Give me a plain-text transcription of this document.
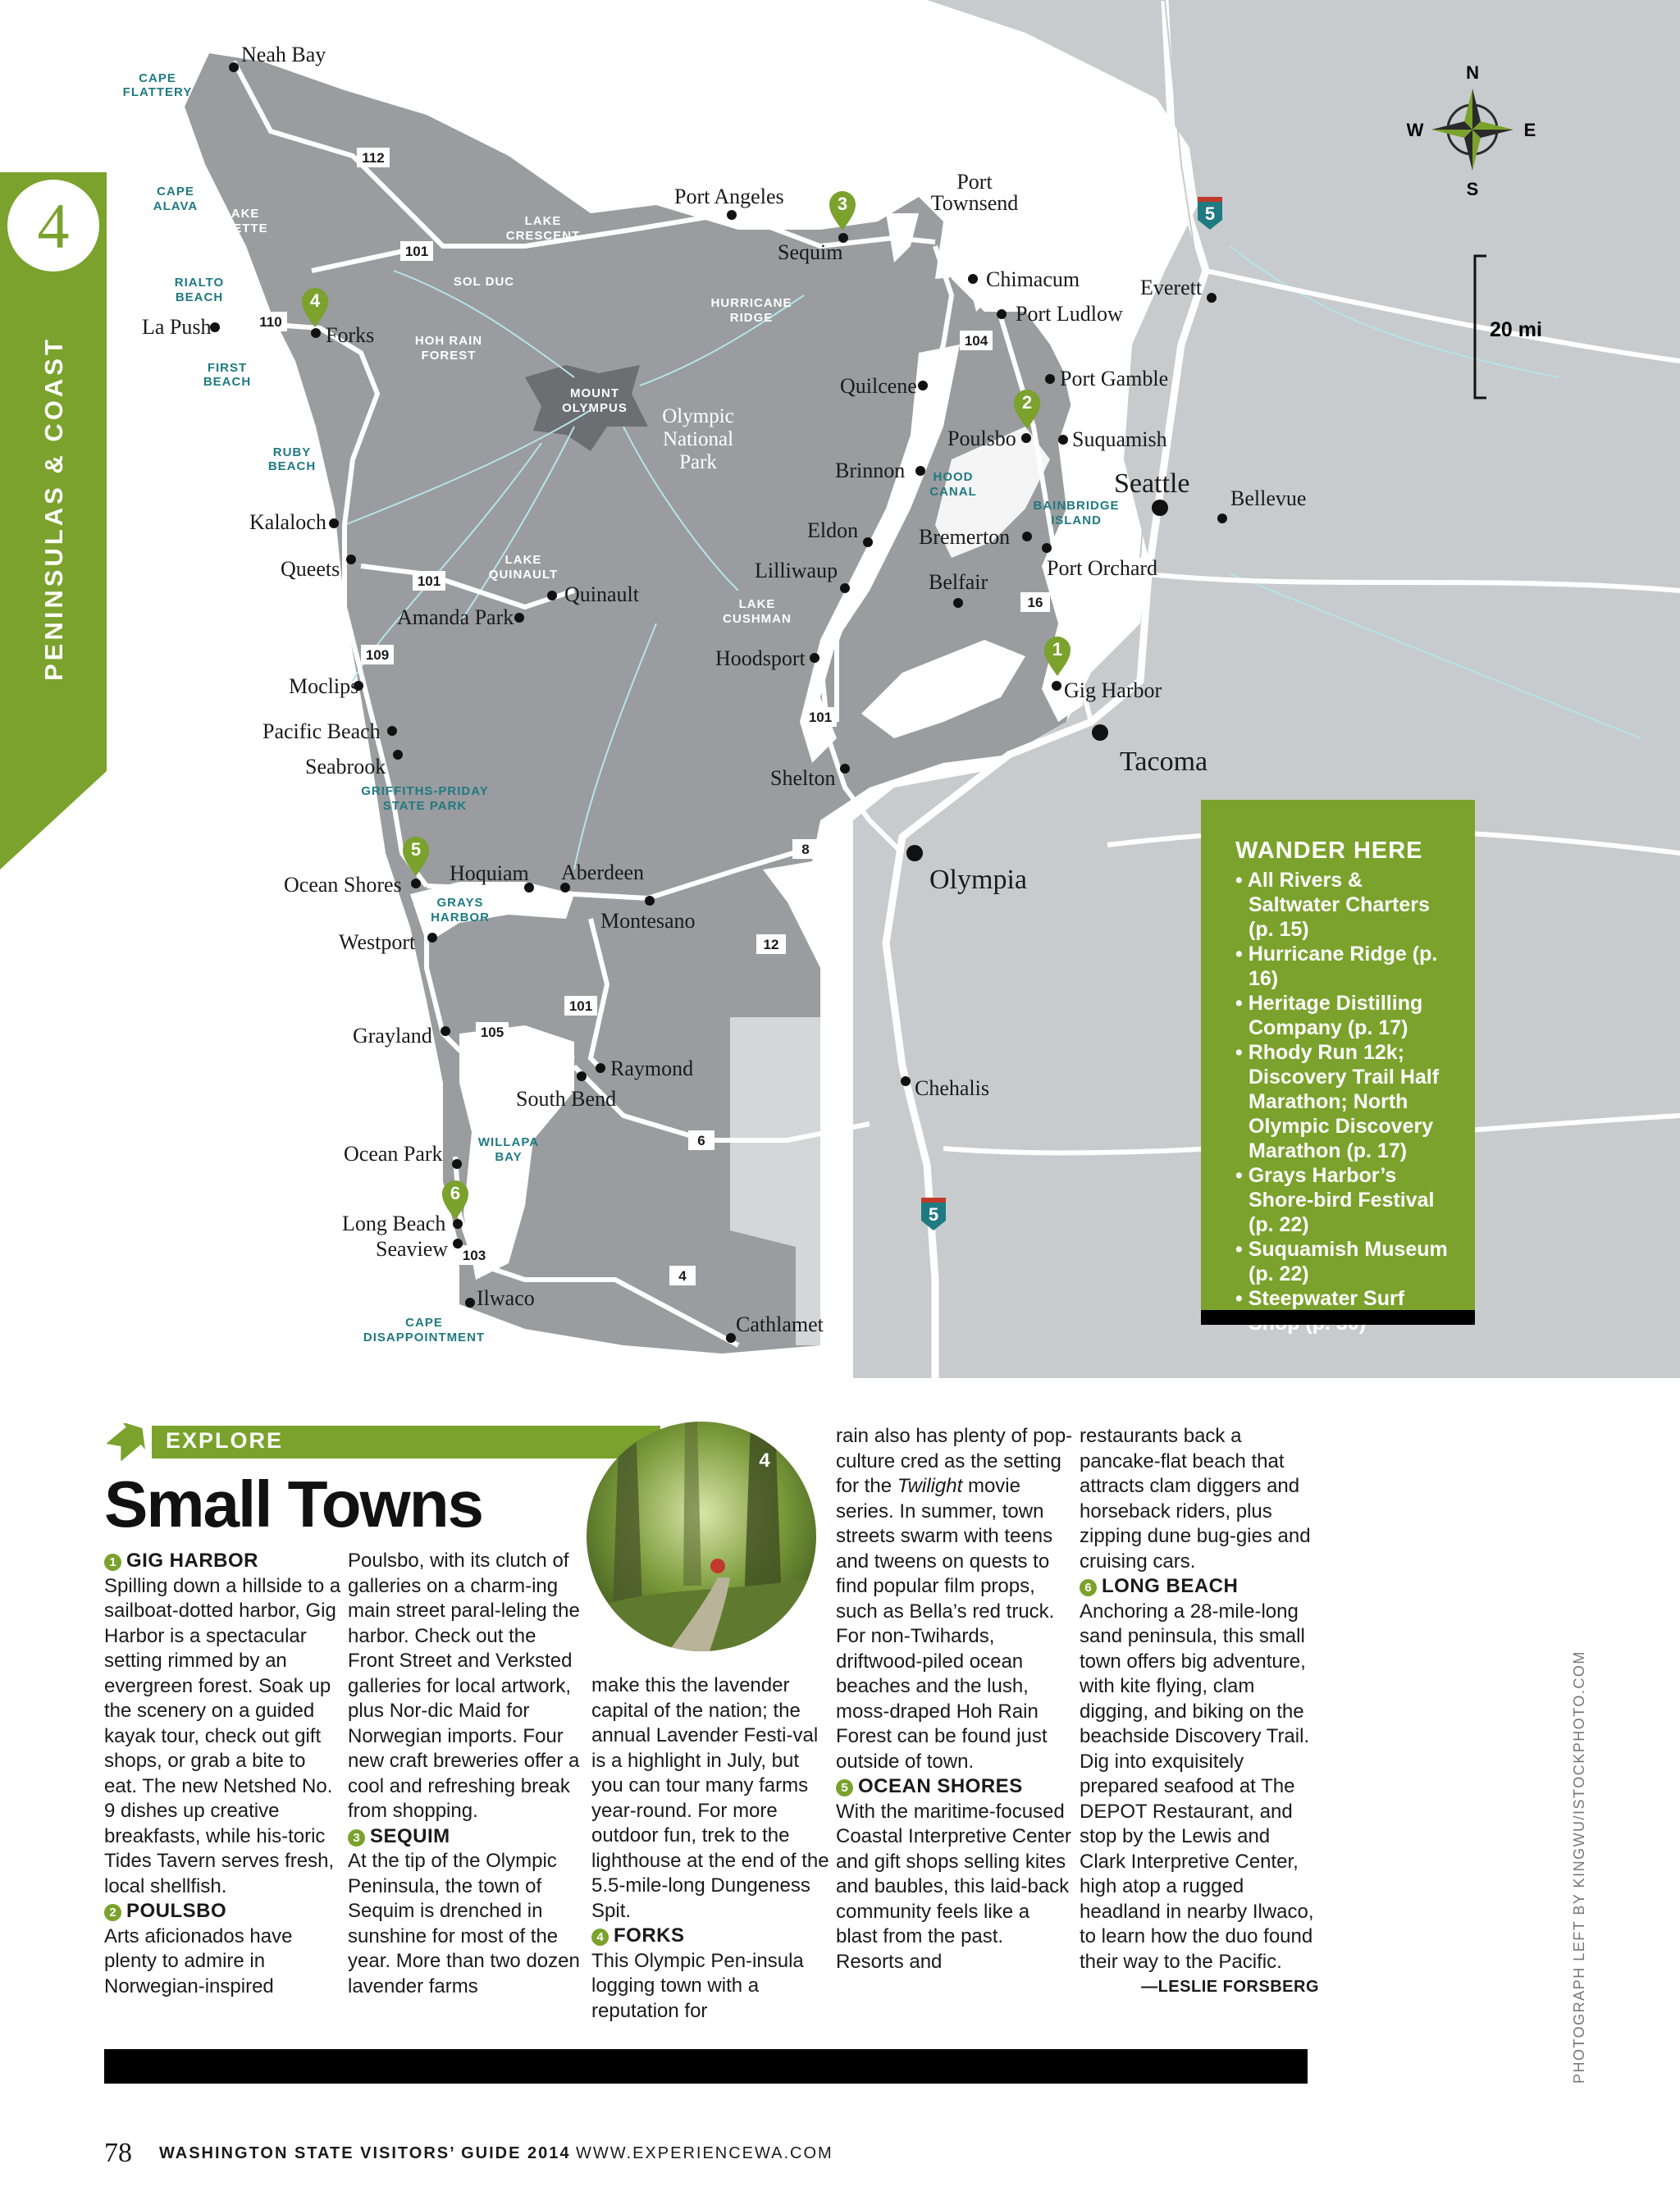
4
PENINSULAS & COAST
N
S
E
W
20 mi
5
5
112
101
110
104
101
109
16
101
8
12
101
105
6
103
4
CAPE FLATTERY
CAPE ALAVA
LAKE OZETTE
RIALTO BEACH
FIRST BEACH
RUBY BEACH
LAKE CRESCENT
SOL DUC
HURRICANE RIDGE
HOH RAIN FOREST
MOUNT OLYMPUS Olympic National Park
HOOD CANAL
BAINBRIDGE ISLAND
LAKE QUINAULT
LAKE CUSHMAN
GRIFFITHS-PRIDAY STATE PARK
GRAYS HARBOR
WILLAPA BAY
CAPE DISAPPOINTMENT
Neah Bay
La Push	Forks
Kalaloch
Queets
Amanda Park
Quinault
Moclips
Pacific Beach
Seabrook
Ocean Shores Hoquiam Aberdeen
Montesano
Westport
Grayland
Raymond
South Bend
Ocean Park
Long Beach
Seaview
Ilwaco
Cathlamet
Port Angeles
Sequim
Port Townsend
Chimacum
Port Ludlow
Everett
Quilcene	Port Gamble
Poulsbo	Suquamish
Brinnon	Seattle Bellevue
Eldon	Bremerton
Lilliwaup	Port Orchard
Belfair
Hoodsport
Gig Harbor
Tacoma
Shelton
Olympia
Chehalis
1
2
3
4
5
6
WANDER HERE
• All Rivers & Saltwater Charters (p. 15)
• Hurricane Ridge (p. 16)
• Heritage Distilling Company (p. 17)
• Rhody Run 12k; Discovery Trail Half Marathon; North Olympic Discovery Marathon (p. 17)
• Grays Harbor’s Shore-bird Festival (p. 22)
• Suquamish Museum (p. 22)
• Steepwater Surf
EXPLORE
Small Towns
4

1 GIG HARBOR

Spilling down a hillside to a sailboat-dotted harbor, Gig Harbor is a spectacular setting rimmed by an evergreen forest. Soak up the scenery on a guided kayak tour, check out gift shops, or grab a bite to eat. The new Netshed No. 9 dishes up creative breakfasts, while his-toric Tides Tavern serves fresh, local shellfish.

2 POULSBO

Arts aficionados have plenty to admire in Norwegian-inspired

Poulsbo, with its clutch of galleries on a charm-ing main street paral-leling the harbor. Check out the Front Street and Verksted galleries for local artwork, plus Nor-dic Maid for Norwegian imports. Four new craft breweries offer a cool and refreshing break from shopping.

3 SEQUIM

At the tip of the Olympic Peninsula, the town of Sequim is drenched in sunshine for most of the year. More than two dozen lavender farms

make this the lavender capital of the nation; the annual Lavender Festi-val is a highlight in July, but you can tour many farms year-round. For more outdoor fun, trek to the lighthouse at the end of the 5.5-mile-long Dungeness Spit.

4 FORKS

This Olympic Pen-insula logging town with a reputation for

rain also has plenty of pop-culture cred as the setting for the Twilight movie series. In summer, town streets swarm with teens and tweens on quests to find popular film props, such as Bella’s red truck. For non-Twihards, driftwood-piled ocean beaches and the lush, moss-draped Hoh Rain Forest can be found just outside of town.

5 OCEAN SHORES

With the maritime-focused Coastal Interpretive Center and gift shops selling kites and baubles, this laid-back community feels like a blast from the past. Resorts and

restaurants back a pancake-flat beach that attracts clam diggers and horseback riders, plus zipping dune bug-gies and cruising cars.

6 LONG BEACH

Anchoring a 28-mile-long sand peninsula, this small town offers big adventure, with kite flying, clam digging, and biking on the beachside Discovery Trail. Dig into exquisitely prepared seafood at The DEPOT Restaurant, and stop by the Lewis and Clark Interpretive Center, high atop a rugged headland in nearby Ilwaco, to learn how the duo found their way to the Pacific.

—LESLIE FORSBERG	PHOTOGRAPH LEFT BY KINGWU/ISTOCKPHOTO.COM
78 WASHINGTON STATE VISITORS’ GUIDE 2014 WWW.EXPERIENCEWA.COM
